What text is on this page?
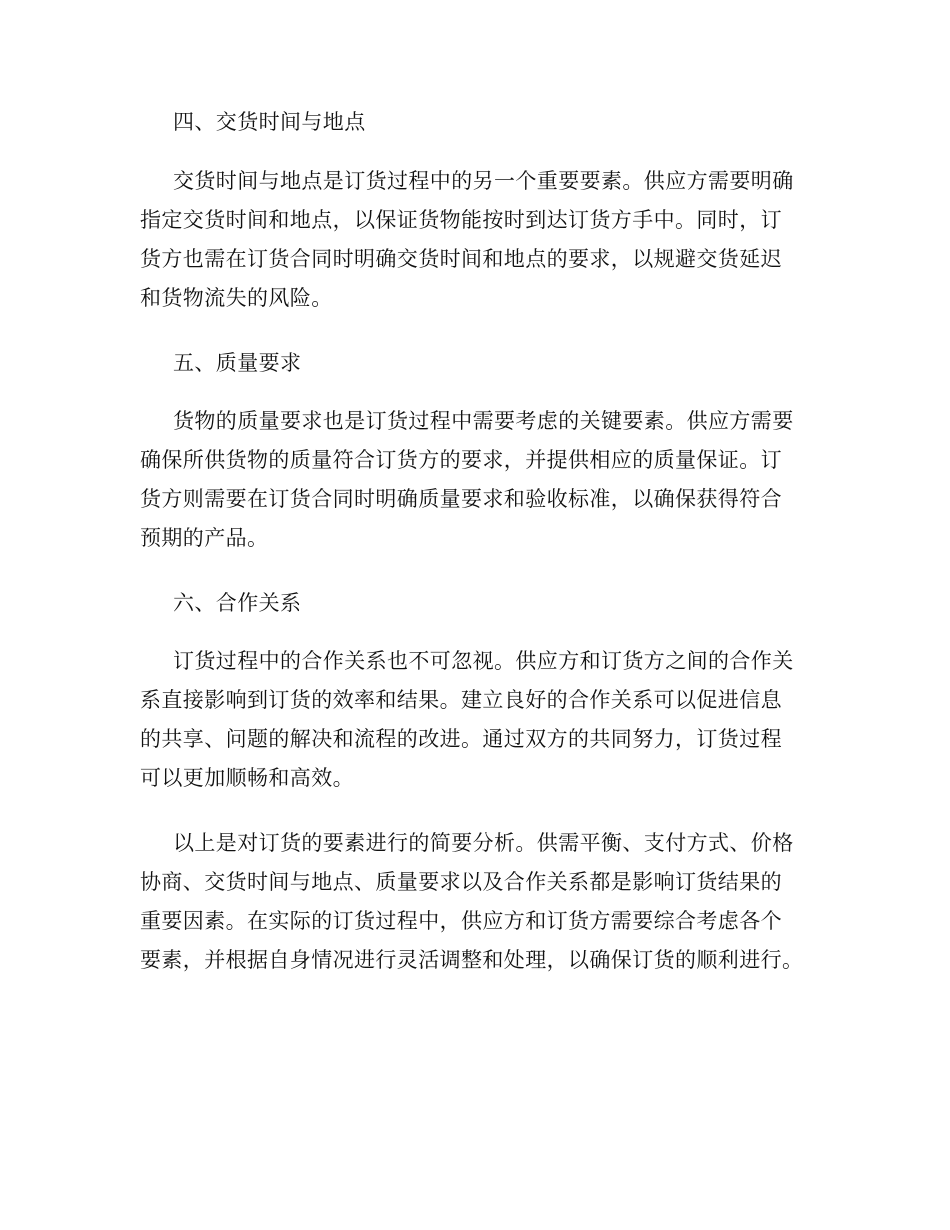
四、交货时间与地点
交货时间与地点是订货过程中的另一个重要要素。供应方需要明确
指定交货时间和地点，以保证货物能按时到达订货方手中。同时，订
货方也需在订货合同时明确交货时间和地点的要求，以规避交货延迟
和货物流失的风险。
五、质量要求
货物的质量要求也是订货过程中需要考虑的关键要素。供应方需要
确保所供货物的质量符合订货方的要求，并提供相应的质量保证。订
货方则需要在订货合同时明确质量要求和验收标准，以确保获得符合
预期的产品。
六、合作关系
订货过程中的合作关系也不可忽视。供应方和订货方之间的合作关
系直接影响到订货的效率和结果。建立良好的合作关系可以促进信息
的共享、问题的解决和流程的改进。通过双方的共同努力，订货过程
可以更加顺畅和高效。
以上是对订货的要素进行的简要分析。供需平衡、支付方式、价格
协商、交货时间与地点、质量要求以及合作关系都是影响订货结果的
重要因素。在实际的订货过程中，供应方和订货方需要综合考虑各个
要素，并根据自身情况进行灵活调整和处理，以确保订货的顺利进行。
